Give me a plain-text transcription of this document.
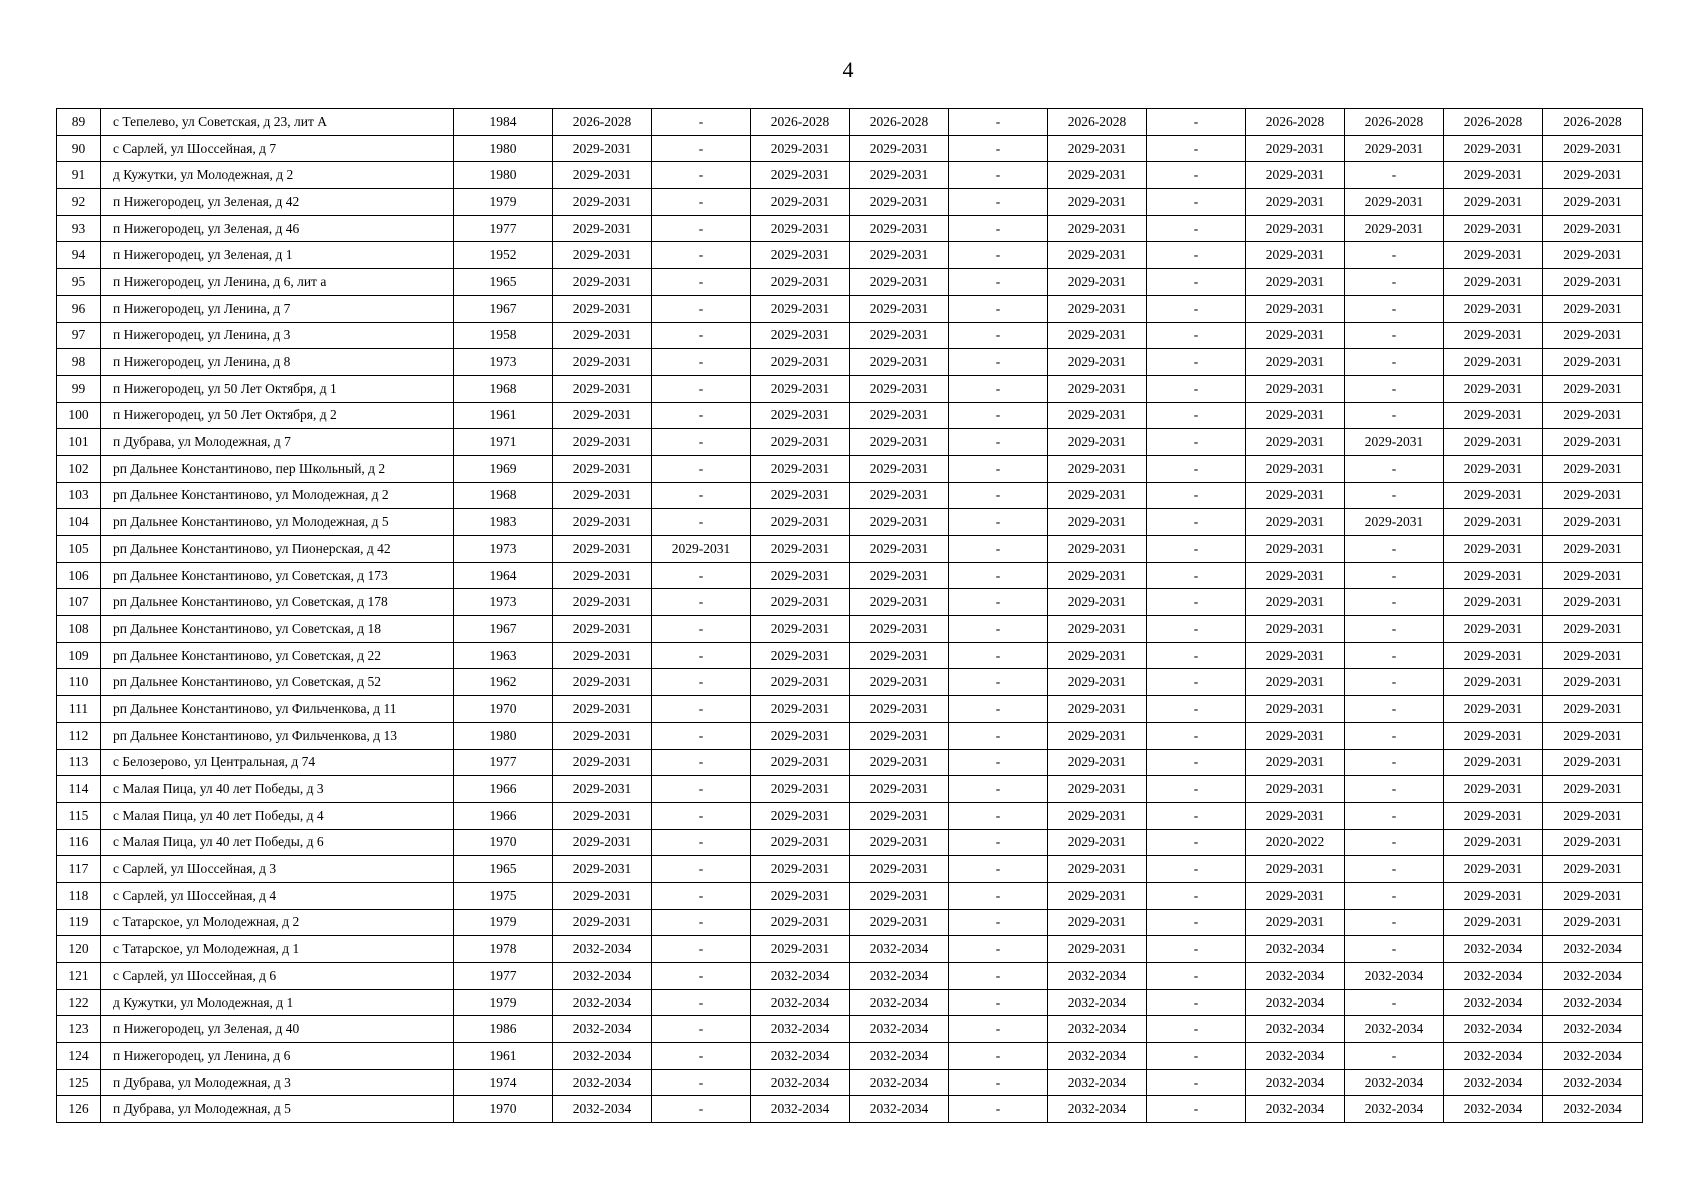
4
89	с Тепелево, ул Советская, д 23, лит А	1984	2026-2028	-	2026-2028	2026-2028	-	2026-2028	-	2026-2028	2026-2028	2026-2028	2026-2028
90	с Сарлей, ул Шоссейная, д 7	1980	2029-2031	-	2029-2031	2029-2031	-	2029-2031	-	2029-2031	2029-2031	2029-2031	2029-2031
91	д Кужутки, ул Молодежная, д 2	1980	2029-2031	-	2029-2031	2029-2031	-	2029-2031	-	2029-2031	-	2029-2031	2029-2031
92	п Нижегородец, ул Зеленая, д 42	1979	2029-2031	-	2029-2031	2029-2031	-	2029-2031	-	2029-2031	2029-2031	2029-2031	2029-2031
93	п Нижегородец, ул Зеленая, д 46	1977	2029-2031	-	2029-2031	2029-2031	-	2029-2031	-	2029-2031	2029-2031	2029-2031	2029-2031
94	п Нижегородец, ул Зеленая, д 1	1952	2029-2031	-	2029-2031	2029-2031	-	2029-2031	-	2029-2031	-	2029-2031	2029-2031
95	п Нижегородец, ул Ленина, д 6, лит а	1965	2029-2031	-	2029-2031	2029-2031	-	2029-2031	-	2029-2031	-	2029-2031	2029-2031
96	п Нижегородец, ул Ленина, д 7	1967	2029-2031	-	2029-2031	2029-2031	-	2029-2031	-	2029-2031	-	2029-2031	2029-2031
97	п Нижегородец, ул Ленина, д 3	1958	2029-2031	-	2029-2031	2029-2031	-	2029-2031	-	2029-2031	-	2029-2031	2029-2031
98	п Нижегородец, ул Ленина, д 8	1973	2029-2031	-	2029-2031	2029-2031	-	2029-2031	-	2029-2031	-	2029-2031	2029-2031
99	п Нижегородец, ул 50 Лет Октября, д 1	1968	2029-2031	-	2029-2031	2029-2031	-	2029-2031	-	2029-2031	-	2029-2031	2029-2031
100	п Нижегородец, ул 50 Лет Октября, д 2	1961	2029-2031	-	2029-2031	2029-2031	-	2029-2031	-	2029-2031	-	2029-2031	2029-2031
101	п Дубрава, ул Молодежная, д 7	1971	2029-2031	-	2029-2031	2029-2031	-	2029-2031	-	2029-2031	2029-2031	2029-2031	2029-2031
102	рп Дальнее Константиново, пер Школьный, д 2	1969	2029-2031	-	2029-2031	2029-2031	-	2029-2031	-	2029-2031	-	2029-2031	2029-2031
103	рп Дальнее Константиново, ул Молодежная, д 2	1968	2029-2031	-	2029-2031	2029-2031	-	2029-2031	-	2029-2031	-	2029-2031	2029-2031
104	рп Дальнее Константиново, ул Молодежная, д 5	1983	2029-2031	-	2029-2031	2029-2031	-	2029-2031	-	2029-2031	2029-2031	2029-2031	2029-2031
105	рп Дальнее Константиново, ул Пионерская, д 42	1973	2029-2031	2029-2031	2029-2031	2029-2031	-	2029-2031	-	2029-2031	-	2029-2031	2029-2031
106	рп Дальнее Константиново, ул Советская, д 173	1964	2029-2031	-	2029-2031	2029-2031	-	2029-2031	-	2029-2031	-	2029-2031	2029-2031
107	рп Дальнее Константиново, ул Советская, д 178	1973	2029-2031	-	2029-2031	2029-2031	-	2029-2031	-	2029-2031	-	2029-2031	2029-2031
108	рп Дальнее Константиново, ул Советская, д 18	1967	2029-2031	-	2029-2031	2029-2031	-	2029-2031	-	2029-2031	-	2029-2031	2029-2031
109	рп Дальнее Константиново, ул Советская, д 22	1963	2029-2031	-	2029-2031	2029-2031	-	2029-2031	-	2029-2031	-	2029-2031	2029-2031
110	рп Дальнее Константиново, ул Советская, д 52	1962	2029-2031	-	2029-2031	2029-2031	-	2029-2031	-	2029-2031	-	2029-2031	2029-2031
111	рп Дальнее Константиново, ул Фильченкова, д 11	1970	2029-2031	-	2029-2031	2029-2031	-	2029-2031	-	2029-2031	-	2029-2031	2029-2031
112	рп Дальнее Константиново, ул Фильченкова, д 13	1980	2029-2031	-	2029-2031	2029-2031	-	2029-2031	-	2029-2031	-	2029-2031	2029-2031
113	с Белозерово, ул Центральная, д 74	1977	2029-2031	-	2029-2031	2029-2031	-	2029-2031	-	2029-2031	-	2029-2031	2029-2031
114	с Малая Пица, ул 40 лет Победы, д 3	1966	2029-2031	-	2029-2031	2029-2031	-	2029-2031	-	2029-2031	-	2029-2031	2029-2031
115	с Малая Пица, ул 40 лет Победы, д 4	1966	2029-2031	-	2029-2031	2029-2031	-	2029-2031	-	2029-2031	-	2029-2031	2029-2031
116	с Малая Пица, ул 40 лет Победы, д 6	1970	2029-2031	-	2029-2031	2029-2031	-	2029-2031	-	2020-2022	-	2029-2031	2029-2031
117	с Сарлей, ул Шоссейная, д 3	1965	2029-2031	-	2029-2031	2029-2031	-	2029-2031	-	2029-2031	-	2029-2031	2029-2031
118	с Сарлей, ул Шоссейная, д 4	1975	2029-2031	-	2029-2031	2029-2031	-	2029-2031	-	2029-2031	-	2029-2031	2029-2031
119	с Татарское, ул Молодежная, д 2	1979	2029-2031	-	2029-2031	2029-2031	-	2029-2031	-	2029-2031	-	2029-2031	2029-2031
120	с Татарское, ул Молодежная, д 1	1978	2032-2034	-	2029-2031	2032-2034	-	2029-2031	-	2032-2034	-	2032-2034	2032-2034
121	с Сарлей, ул Шоссейная, д 6	1977	2032-2034	-	2032-2034	2032-2034	-	2032-2034	-	2032-2034	2032-2034	2032-2034	2032-2034
122	д Кужутки, ул Молодежная, д 1	1979	2032-2034	-	2032-2034	2032-2034	-	2032-2034	-	2032-2034	-	2032-2034	2032-2034
123	п Нижегородец, ул Зеленая, д 40	1986	2032-2034	-	2032-2034	2032-2034	-	2032-2034	-	2032-2034	2032-2034	2032-2034	2032-2034
124	п Нижегородец, ул Ленина, д 6	1961	2032-2034	-	2032-2034	2032-2034	-	2032-2034	-	2032-2034	-	2032-2034	2032-2034
125	п Дубрава, ул Молодежная, д 3	1974	2032-2034	-	2032-2034	2032-2034	-	2032-2034	-	2032-2034	2032-2034	2032-2034	2032-2034
126	п Дубрава, ул Молодежная, д 5	1970	2032-2034	-	2032-2034	2032-2034	-	2032-2034	-	2032-2034	2032-2034	2032-2034	2032-2034
